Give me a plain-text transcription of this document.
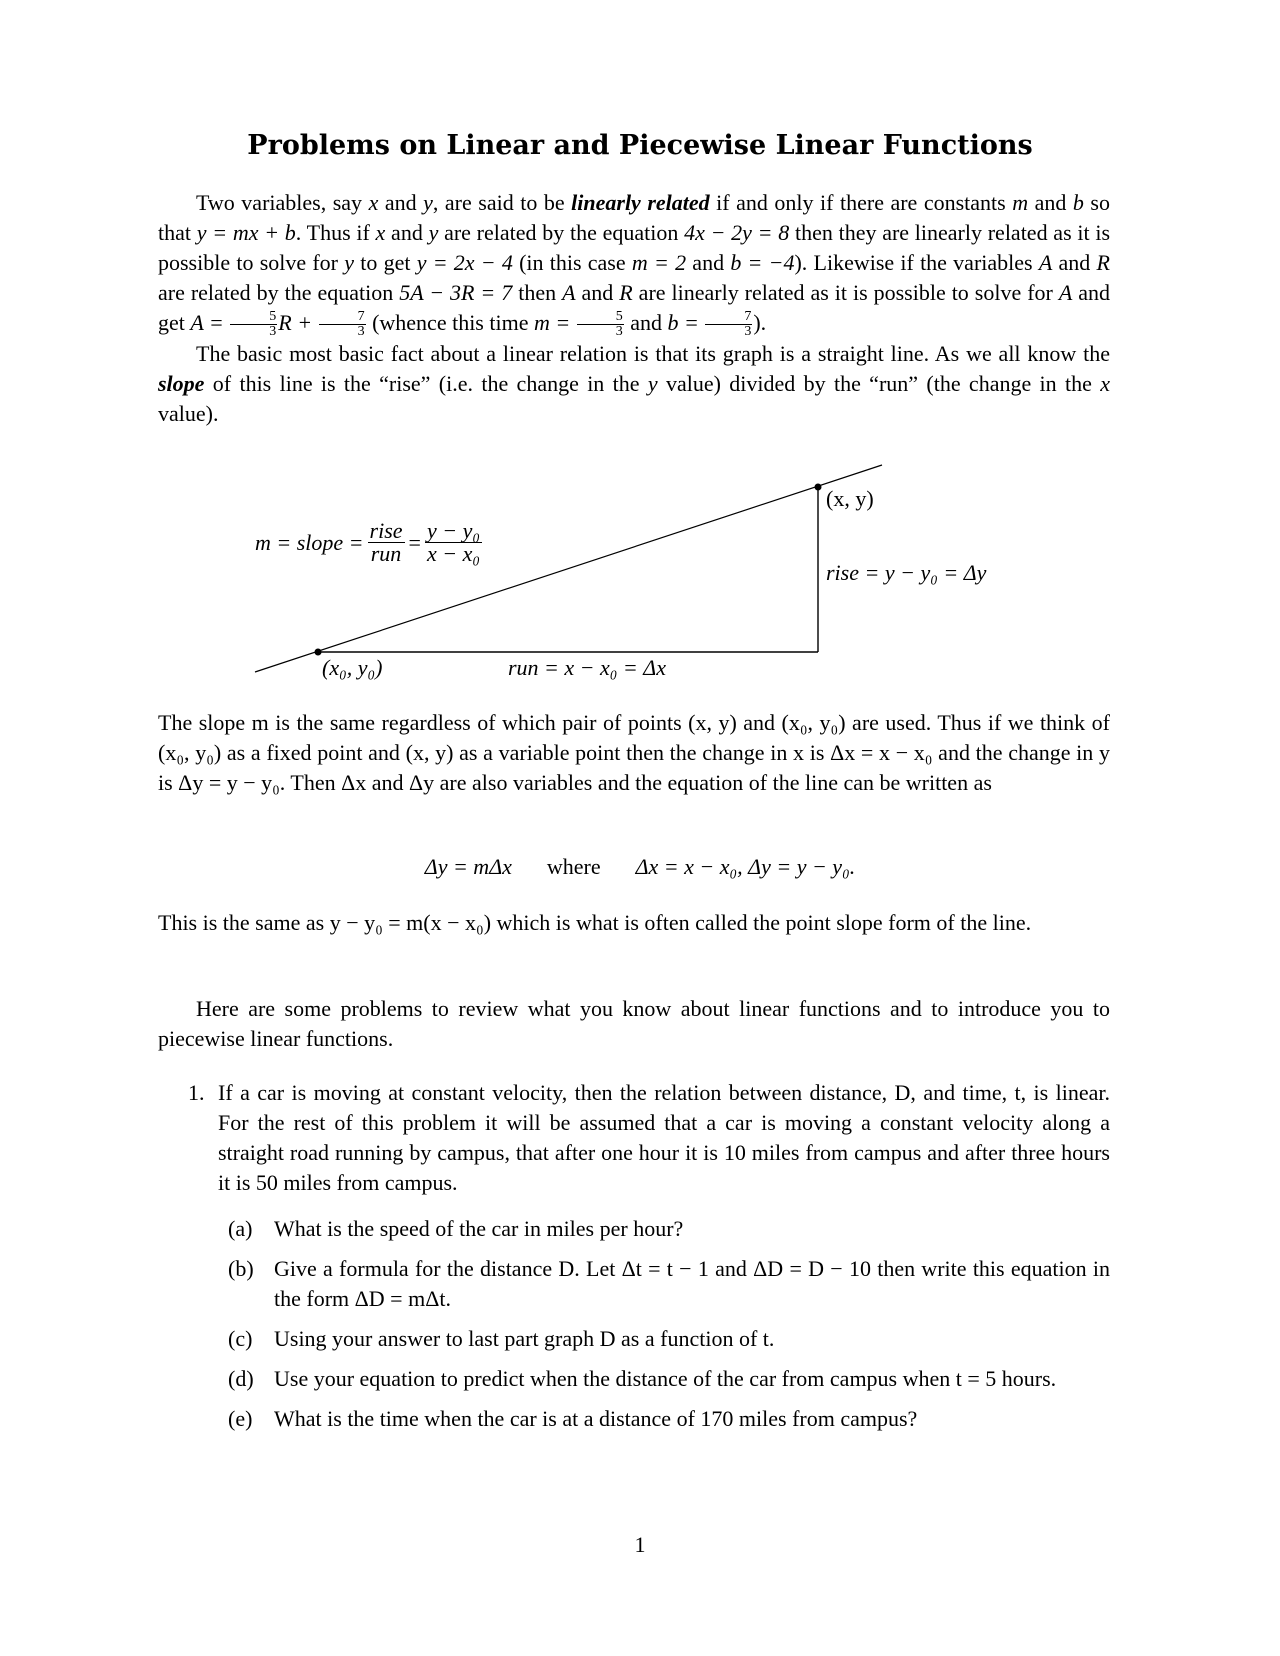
Problems on Linear and Piecewise Linear Functions

Two variables, say x and y, are said to be linearly related if and only if there are constants m and b so that y = mx + b. Thus if x and y are related by the equation 4x − 2y = 8 then they are linearly related as it is possible to solve for y to get y = 2x − 4 (in this case m = 2 and b = −4). Likewise if the variables A and R are related by the equation 5A − 3R = 7 then A and R are linearly related as it is possible to solve for A and get $A = \frac{5}{3}$ $R + \frac{7}{3}$ (whence this time $m = \frac{5}{3}$ and $b = \frac{7}{3}$ ).

The basic most basic fact about a linear relation is that its graph is a straight line. As we all know the slope of this line is the “rise” (i.e. the change in the y value) divided by the “run” (the change in the x value).

m = slope = $\frac{\text{rise}}{\text{run}} = \frac{\text{y − y₀}}{\text{x − x₀}}$
(x, y)
rise = y − y₀ = Δy
(x₀, y₀)	run = x − x₀ = Δx

The slope m is the same regardless of which pair of points (x, y) and (x₀, y₀) are used. Thus if we think of (x₀, y₀) as a fixed point and (x, y) as a variable point then the change in x is Δx = x − x₀ and the change in y is Δy = y − y₀. Then Δx and Δy are also variables and the equation of the line can be written as

Δy = mΔx where Δx = x − x₀, Δy = y − y₀.

This is the same as y − y₀ = m(x − x₀) which is what is often called the point slope form of the line.

Here are some problems to review what you know about linear functions and to introduce you to piecewise linear functions.

1. If a car is moving at constant velocity, then the relation between distance, D, and time, t, is linear. For the rest of this problem it will be assumed that a car is moving a constant velocity along a straight road running by campus, that after one hour it is 10 miles from campus and after three hours it is 50 miles from campus.
(a) What is the speed of the car in miles per hour?
(b) Give a formula for the distance D. Let Δt = t − 1 and ΔD = D − 10 then write this equation in the form ΔD = mΔt.
(c) Using your answer to last part graph D as a function of t.
(d) Use your equation to predict when the distance of the car from campus when t = 5 hours.
(e) What is the time when the car is at a distance of 170 miles from campus?
1
